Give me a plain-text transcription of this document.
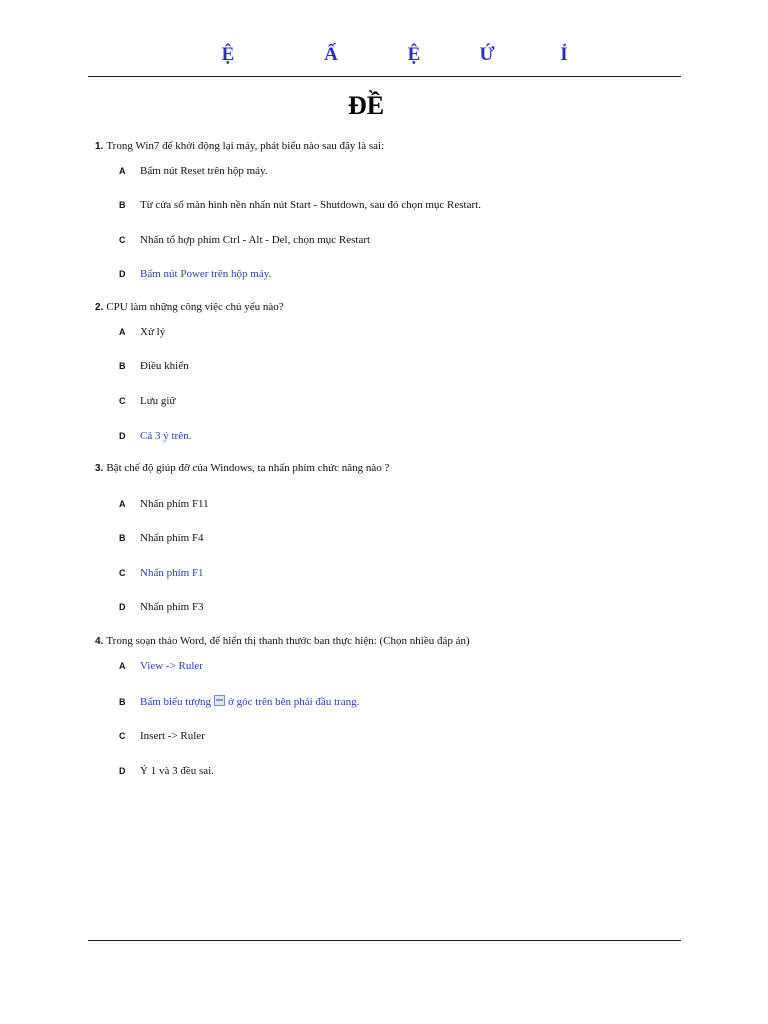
Ệ	Ấ	Ệ	Ứ	Ỉ
ĐỀ
1. Trong Win7 để khởi động lại máy, phát biểu nào sau đây là sai:
A Bấm nút Reset trên hộp máy.
B Từ cửa sổ màn hình nền nhấn nút Start - Shutdown, sau đó chọn mục Restart.
C Nhấn tổ hợp phím Ctrl - Alt - Del, chọn mục Restart
D Bấm nút Power trên hộp máy.
2. CPU làm những công việc chủ yếu nào?
A Xử lý
B Điều khiển
C Lưu giữ
D Cả 3 ý trên.
3. Bật chế độ giúp đỡ của Windows, ta nhấn phím chức năng nào ?
A Nhấn phím F11
B Nhấn phím F4
C Nhấn phím F1
D Nhấn phím F3
4. Trong soạn thảo Word, để hiển thị thanh thước ban thực hiện: (Chọn nhiều đáp án)
A View -> Ruler
B Bấm biểu tượng ở góc trên bên phải đầu trang.
C Insert -> Ruler
D Ý 1 và 3 đều sai.
